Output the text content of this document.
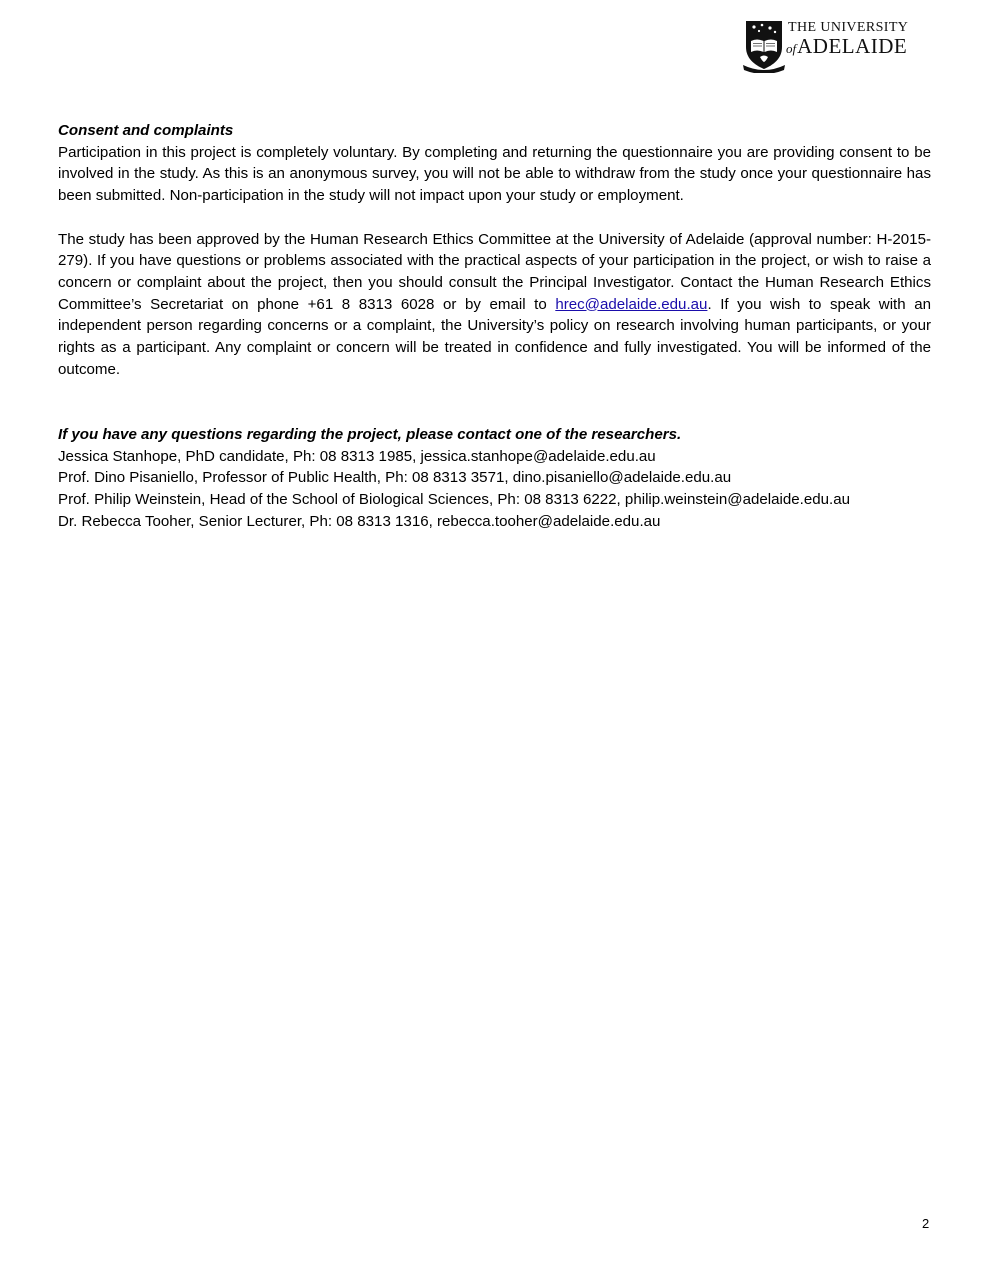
THE UNIVERSITY
ofADELAIDE

Consent and complaints

Participation in this project is completely voluntary. By completing and returning the questionnaire you are providing consent to be involved in the study. As this is an anonymous survey, you will not be able to withdraw from the study once your questionnaire has been submitted. Non-participation in the study will not impact upon your study or employment.

The study has been approved by the Human Research Ethics Committee at the University of Adelaide (approval number: H-2015-279). If you have questions or problems associated with the practical aspects of your participation in the project, or wish to raise a concern or complaint about the project, then you should consult the Principal Investigator. Contact the Human Research Ethics Committee’s Secretariat on phone +61 8 8313 6028 or by email to hrec@adelaide.edu.au. If you wish to speak with an independent person regarding concerns or a complaint, the University’s policy on research involving human participants, or your rights as a participant. Any complaint or concern will be treated in confidence and fully investigated. You will be informed of the outcome.

If you have any questions regarding the project, please contact one of the researchers.

Jessica Stanhope, PhD candidate, Ph: 08 8313 1985, jessica.stanhope@adelaide.edu.au

Prof. Dino Pisaniello, Professor of Public Health, Ph: 08 8313 3571, dino.pisaniello@adelaide.edu.au

Prof. Philip Weinstein, Head of the School of Biological Sciences, Ph: 08 8313 6222, philip.weinstein@adelaide.edu.au

Dr. Rebecca Tooher, Senior Lecturer, Ph: 08 8313 1316, rebecca.tooher@adelaide.edu.au

2
